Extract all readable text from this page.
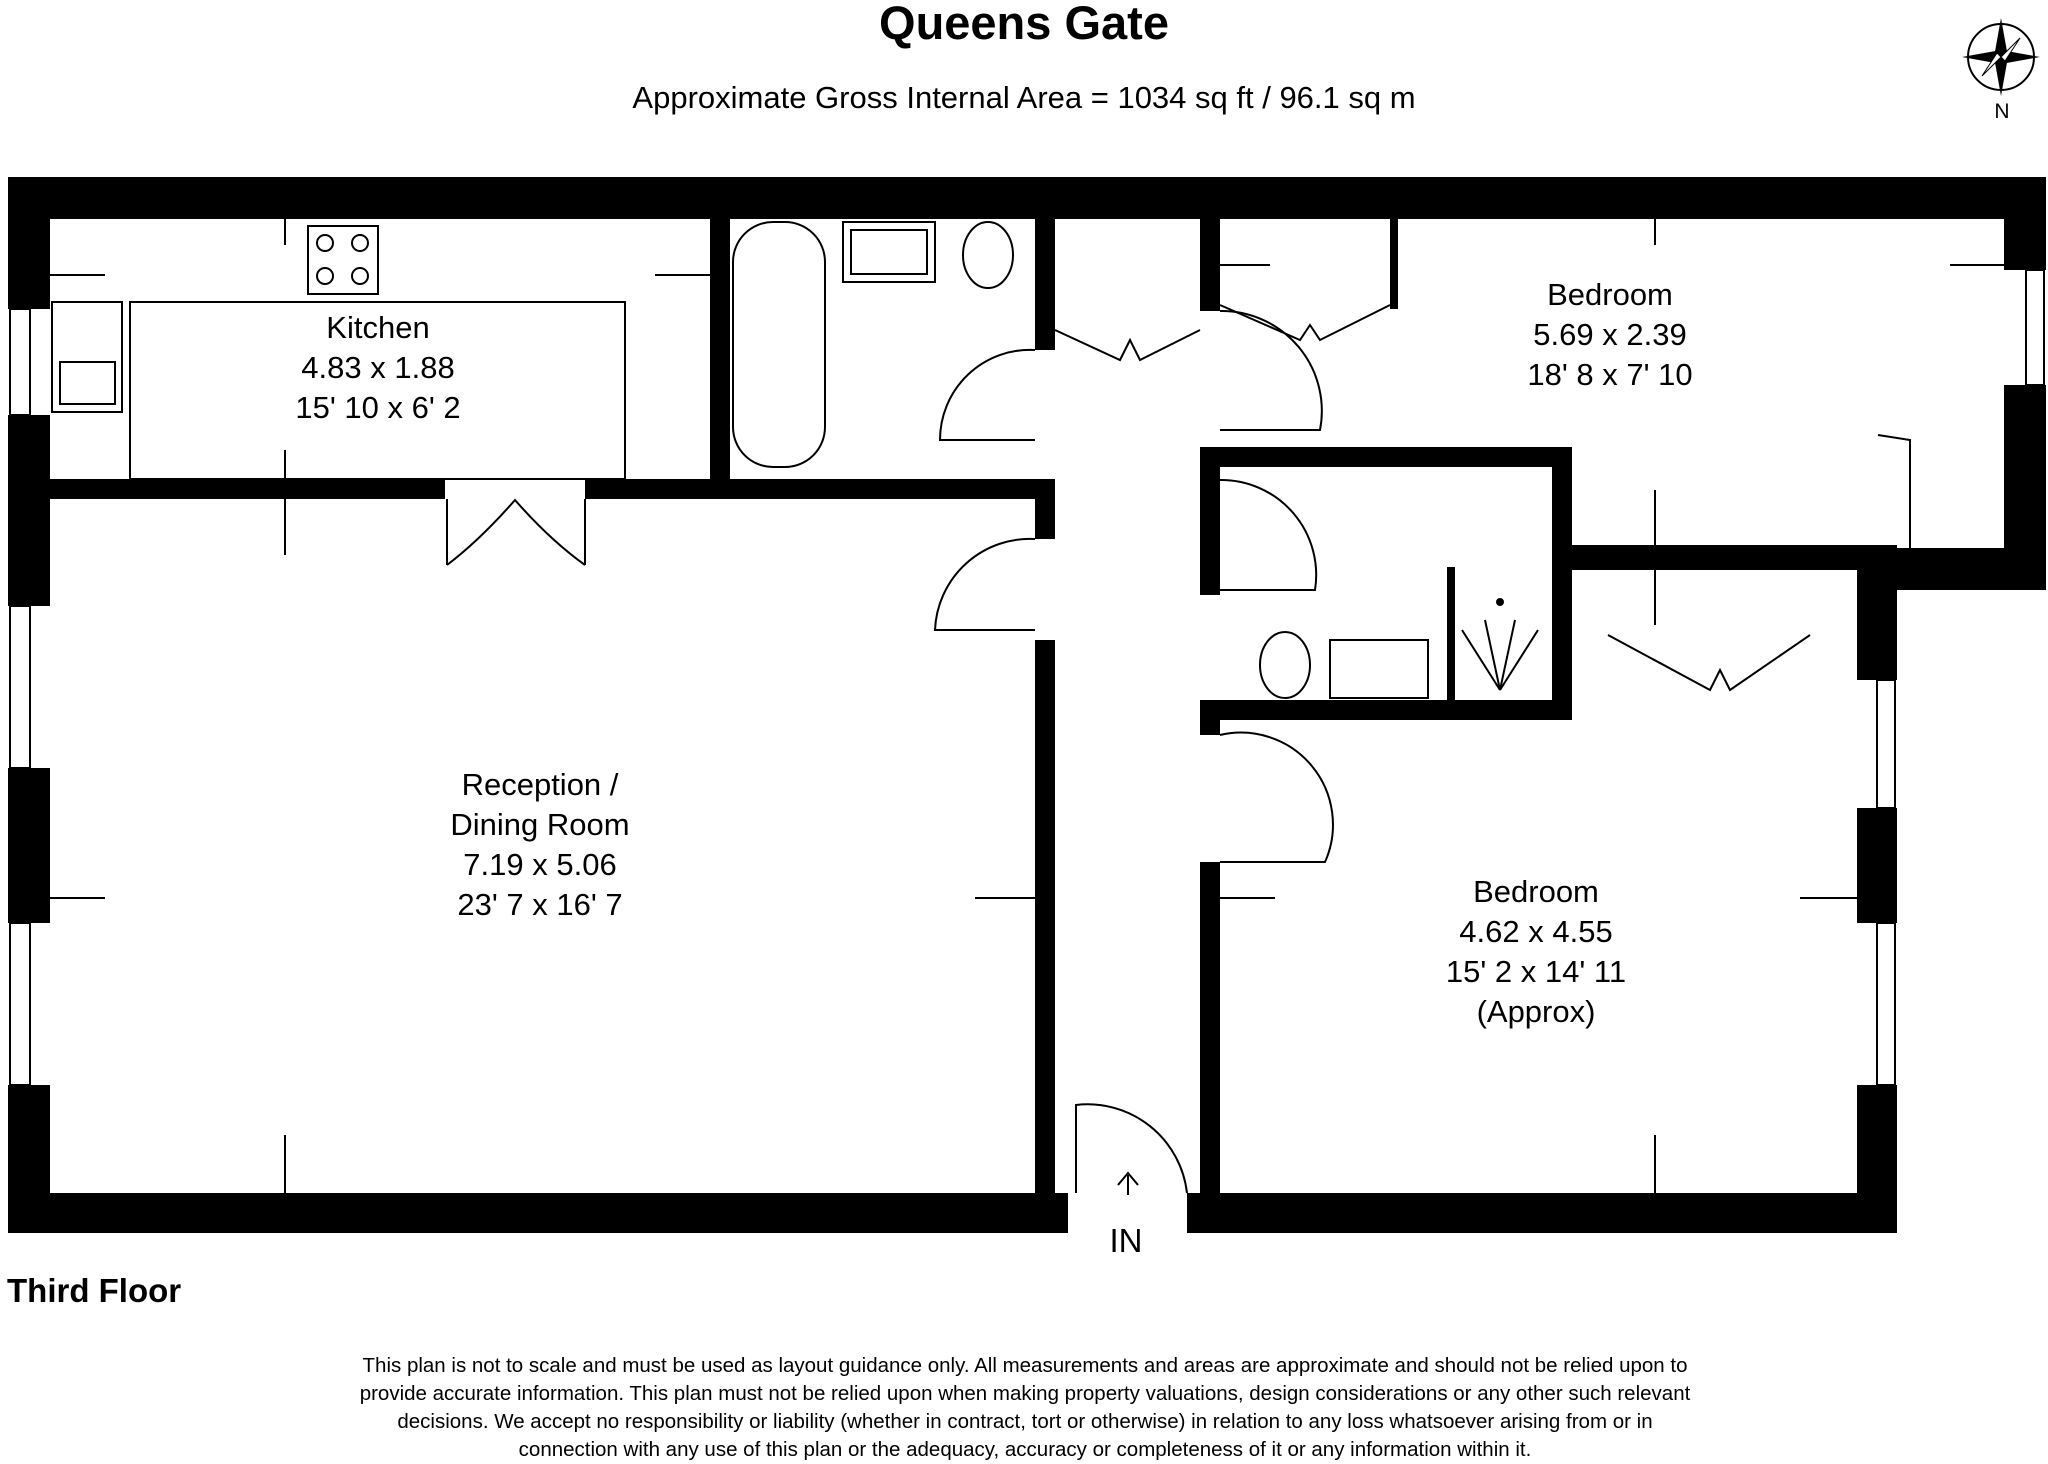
Queens Gate
Approximate Gross Internal Area = 1034 sq ft / 96.1 sq m
Kitchen
4.83 x 1.88
15' 10 x 6' 2
Reception /
Dining Room
7.19 x 5.06
23' 7 x 16' 7
Bedroom
5.69 x 2.39
18' 8 x 7' 10
Bedroom
4.62 x 4.55
15' 2 x 14' 11
(Approx)
IN
N
Third Floor
This plan is not to scale and must be used as layout guidance only. All measurements and areas are approximate and should not be relied upon to
provide accurate information. This plan must not be relied upon when making property valuations, design considerations or any other such relevant
decisions. We accept no responsibility or liability (whether in contract, tort or otherwise) in relation to any loss whatsoever arising from or in
connection with any use of this plan or the adequacy, accuracy or completeness of it or any information within it.
